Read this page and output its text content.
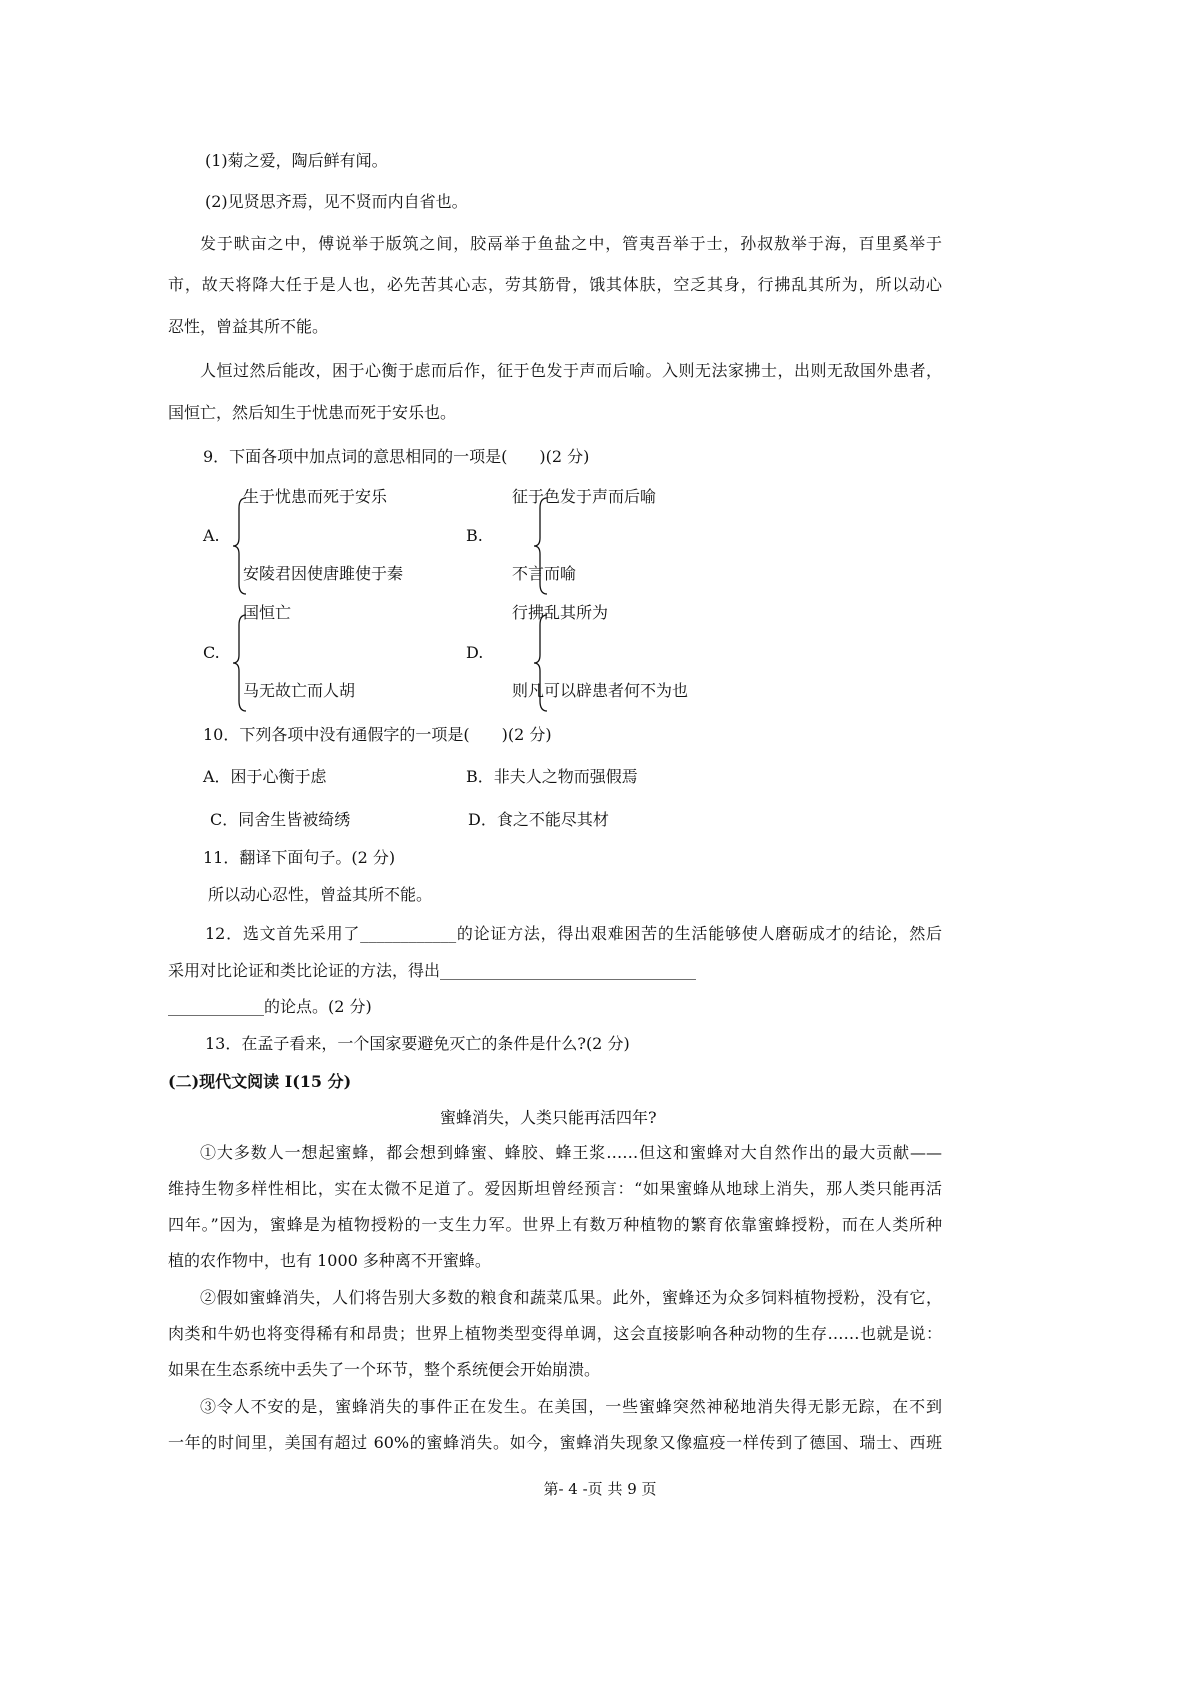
(1)菊之爱，陶后鲜有闻。
(2)见贤思齐焉，见不贤而内自省也。
发于畎亩之中，傅说举于版筑之间，胶鬲举于鱼盐之中，管夷吾举于士，孙叔敖举于海，百里奚举于
市，故天将降大任于是人也，必先苦其心志，劳其筋骨，饿其体肤，空乏其身，行拂乱其所为，所以动心
忍性，曾益其所不能。
人恒过然后能改，困于心衡于虑而后作，征于色发于声而后喻。入则无法家拂士，出则无敌国外患者，
国恒亡，然后知生于忧患而死于安乐也。
9．下面各项中加点词的意思相同的一项是(　　)(2 分)
A.
生于忧患而死于安乐
安陵君因使唐雎使于秦
B.
征于色发于声而后喻
不言而喻
C.
国恒亡
马无故亡而人胡
D.
行拂乱其所为
则凡可以辟患者何不为也
10．下列各项中没有通假字的一项是(　　)(2 分)
A．困于心衡于虑	B．非夫人之物而强假焉
C．同舍生皆被绮绣	D．食之不能尽其材
11．翻译下面句子。(2 分)
所以动心忍性，曾益其所不能。
12．选文首先采用了____________的论证方法，得出艰难困苦的生活能够使人磨砺成才的结论，然后
采用对比论证和类比论证的方法，得出________________________________
____________的论点。(2 分)
13．在孟子看来，一个国家要避免灭亡的条件是什么?(2 分)
(二)现代文阅读 I(15 分)
蜜蜂消失，人类只能再活四年?
①大多数人一想起蜜蜂，都会想到蜂蜜、蜂胶、蜂王浆……但这和蜜蜂对大自然作出的最大贡献——
维持生物多样性相比，实在太微不足道了。爱因斯坦曾经预言：“如果蜜蜂从地球上消失，那人类只能再活
四年。”因为，蜜蜂是为植物授粉的一支生力军。世界上有数万种植物的繁育依靠蜜蜂授粉，而在人类所种
植的农作物中，也有 1000 多种离不开蜜蜂。
②假如蜜蜂消失，人们将告别大多数的粮食和蔬菜瓜果。此外，蜜蜂还为众多饲料植物授粉，没有它，
肉类和牛奶也将变得稀有和昂贵；世界上植物类型变得单调，这会直接影响各种动物的生存……也就是说：
如果在生态系统中丢失了一个环节，整个系统便会开始崩溃。
③令人不安的是，蜜蜂消失的事件正在发生。在美国，一些蜜蜂突然神秘地消失得无影无踪，在不到
一年的时间里，美国有超过 60%的蜜蜂消失。如今，蜜蜂消失现象又像瘟疫一样传到了德国、瑞士、西班
第- 4 -页 共 9 页
